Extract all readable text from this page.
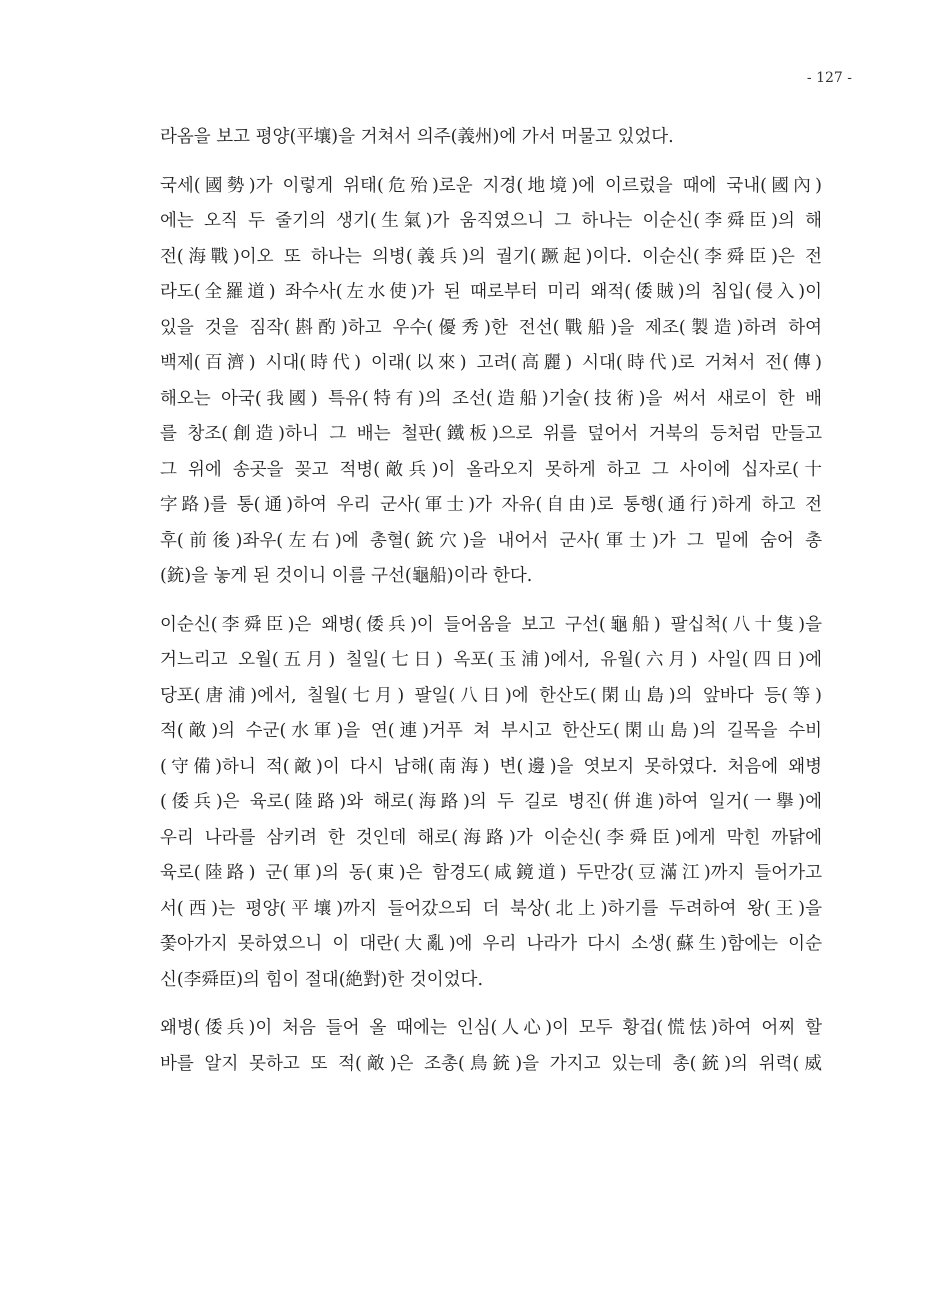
- 127 -
라옴을 보고 평양(平壤)을 거쳐서 의주(義州)에 가서 머물고 있었다.
국세(國勢)가 이렇게 위태(危殆)로운 지경(地境)에 이르렀을 때에 국내(國內)
에는 오직 두 줄기의 생기(生氣)가 움직였으니 그 하나는 이순신(李舜臣)의 해
전(海戰)이오 또 하나는 의병(義兵)의 궐기(蹶起)이다. 이순신(李舜臣)은 전
라도(全羅道) 좌수사(左水使)가 된 때로부터 미리 왜적(倭賊)의 침입(侵入)이
있을 것을 짐작(斟酌)하고 우수(優秀)한 전선(戰船)을 제조(製造)하려 하여
백제(百濟) 시대(時代) 이래(以來) 고려(高麗) 시대(時代)로 거쳐서 전(傳)
해오는 아국(我國) 특유(特有)의 조선(造船)기술(技術)을 써서 새로이 한 배
를 창조(創造)하니 그 배는 철판(鐵板)으로 위를 덮어서 거북의 등처럼 만들고
그 위에 송곳을 꽂고 적병(敵兵)이 올라오지 못하게 하고 그 사이에 십자로(十
字路)를 통(通)하여 우리 군사(軍士)가 자유(自由)로 통행(通行)하게 하고 전
후(前後)좌우(左右)에 총혈(銃穴)을 내어서 군사(軍士)가 그 밑에 숨어 총
(銃)을 놓게 된 것이니 이를 구선(龜船)이라 한다.
이순신(李舜臣)은 왜병(倭兵)이 들어옴을 보고 구선(龜船) 팔십척(八十隻)을
거느리고 오월(五月) 칠일(七日) 옥포(玉浦)에서, 유월(六月) 사일(四日)에
당포(唐浦)에서, 칠월(七月) 팔일(八日)에 한산도(閑山島)의 앞바다 등(等)
적(敵)의 수군(水軍)을 연(連)거푸 쳐 부시고 한산도(閑山島)의 길목을 수비
(守備)하니 적(敵)이 다시 남해(南海) 변(邊)을 엿보지 못하였다. 처음에 왜병
(倭兵)은 육로(陸路)와 해로(海路)의 두 길로 병진(倂進)하여 일거(一擧)에
우리 나라를 삼키려 한 것인데 해로(海路)가 이순신(李舜臣)에게 막힌 까닭에
육로(陸路) 군(軍)의 동(東)은 함경도(咸鏡道) 두만강(豆滿江)까지 들어가고
서(西)는 평양(平壤)까지 들어갔으되 더 북상(北上)하기를 두려하여 왕(王)을
쫓아가지 못하였으니 이 대란(大亂)에 우리 나라가 다시 소생(蘇生)함에는 이순
신(李舜臣)의 힘이 절대(絶對)한 것이었다.
왜병(倭兵)이 처음 들어 올 때에는 인심(人心)이 모두 황겁(慌怯)하여 어찌 할
바를 알지 못하고 또 적(敵)은 조총(鳥銃)을 가지고 있는데 총(銃)의 위력(威
